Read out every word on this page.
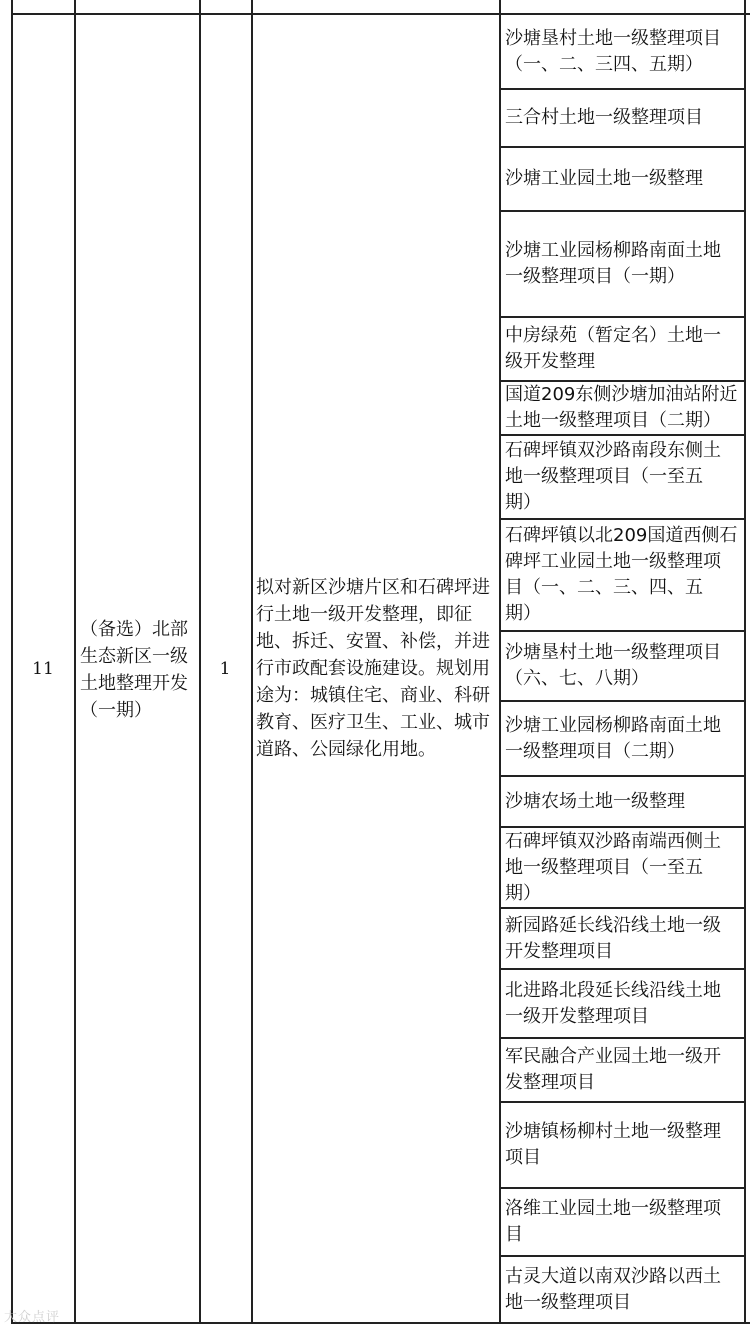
11
（备选）北部
生态新区一级
土地整理开发
（一期）
1
拟对新区沙塘片区和石碑坪进
行土地一级开发整理，即征
地、拆迁、安置、补偿，并进
行市政配套设施建设。规划用
途为：城镇住宅、商业、科研
教育、医疗卫生、工业、城市
道路、公园绿化用地。
沙塘垦村土地一级整理项目
（一、二、三四、五期）
三合村土地一级整理项目
沙塘工业园土地一级整理
沙塘工业园杨柳路南面土地
一级整理项目（一期）
中房绿苑（暂定名）土地一
级开发整理
国道209东侧沙塘加油站附近
土地一级整理项目（二期）
石碑坪镇双沙路南段东侧土
地一级整理项目（一至五
期）
石碑坪镇以北209国道西侧石
碑坪工业园土地一级整理项
目（一、二、三、四、五
期）
沙塘垦村土地一级整理项目
（六、七、八期）
沙塘工业园杨柳路南面土地
一级整理项目（二期）
沙塘农场土地一级整理
石碑坪镇双沙路南端西侧土
地一级整理项目（一至五
期）
新园路延长线沿线土地一级
开发整理项目
北进路北段延长线沿线土地
一级开发整理项目
军民融合产业园土地一级开
发整理项目
沙塘镇杨柳村土地一级整理
项目
洛维工业园土地一级整理项
目
古灵大道以南双沙路以西土
地一级整理项目
大众点评
